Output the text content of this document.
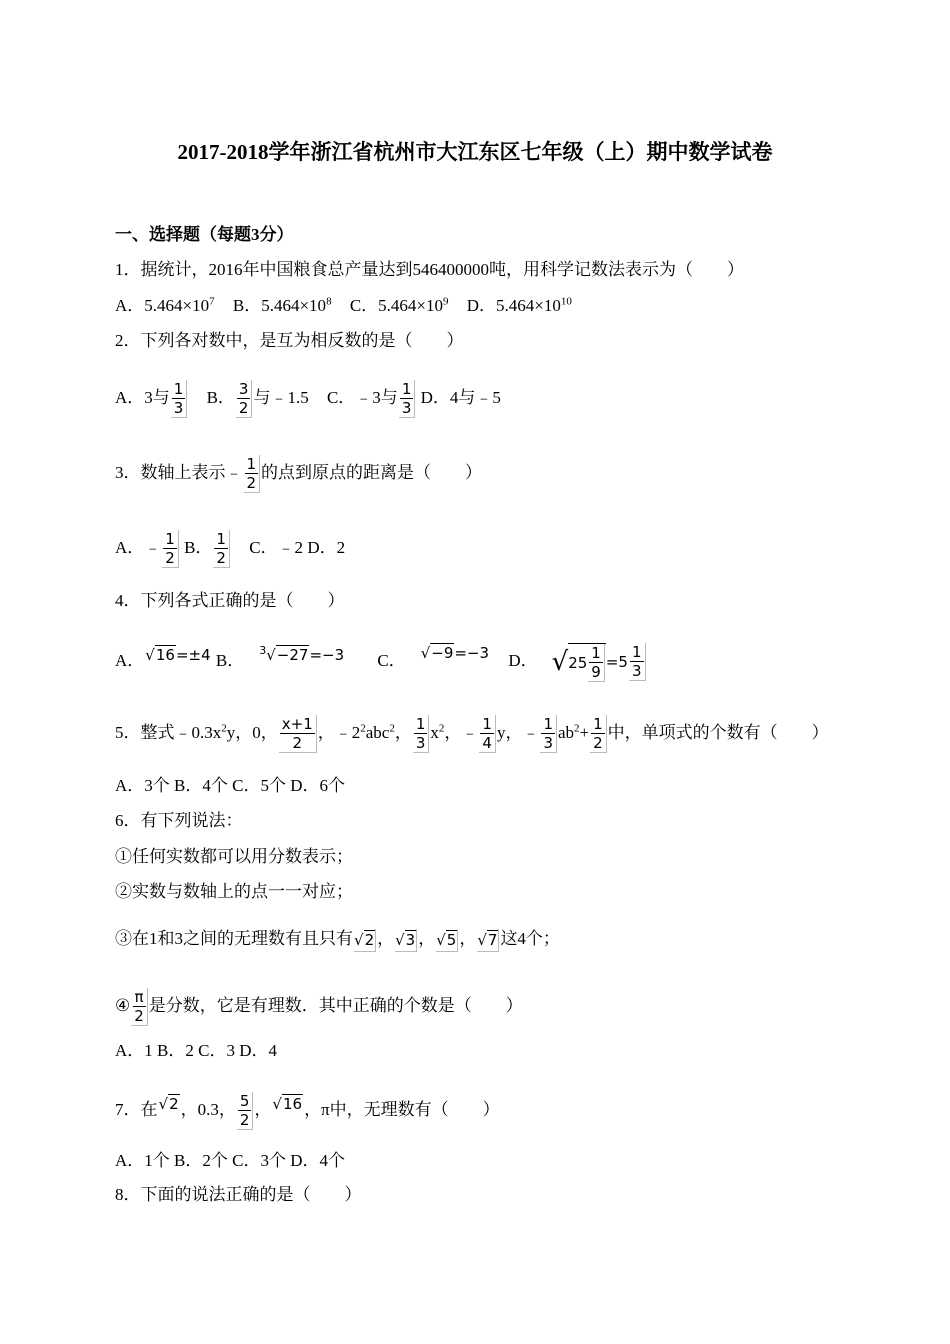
2017-2018学年浙江省杭州市大江东区七年级（上）期中数学试卷
一、选择题（每题3分）
1．据统计，2016年中国粮食总产量达到546400000吨，用科学记数法表示为（　　）
A．$5.464\times 10^7$ B．$5.464\times 10^8$ C．$5.464\times 10^9$ D．$5.464\times 10^{10}$
2．下列各对数中，是互为相反数的是（　　）
A．3与 $\frac{1}{3}$ B． $\frac{3}{2}$ 与﹣1.5 C．﹣3与 $\frac{1}{3}$ D．4与﹣5
3．数轴上表示﹣ $\frac{1}{2}$ 的点到原点的距离是（　　）
A．﹣ $\frac{1}{2}$ B． $\frac{1}{2}$ C．﹣2 D．2
4．下列各式正确的是（　　）
A．√16=±4 B．$^3$√−27=−3 C． √−9=−3 D． √ $25 \frac{1}{9} =5 \frac{1}{3}$
5．整式$﹣0.3x^2y$，0， $\frac{x+1}{2}$ ，$﹣2^2abc^2$， $\frac{1}{3} x^2$，﹣ $\frac{1}{4}$ y，﹣ $\frac{1}{3} ab^2+ \frac{1}{2}$ 中，单项式的个数有（　　）
A．3个 B．4个 C．5个 D．6个
6．有下列说法：
①任何实数都可以用分数表示；
②实数与数轴上的点一一对应；
③在1和3之间的无理数有且只有√2 ，√3 ，√5 ，√7 这4个；
④ $\frac{\pi}{2}$ 是分数，它是有理数．其中正确的个数是（　　）
A．1 B．2 C．3 D．4
7．在√2 ，0.3， $\frac{5}{2}$ ，√16 ，π中，无理数有（　　）
A．1个 B．2个 C．3个 D．4个
8．下面的说法正确的是（　　）
